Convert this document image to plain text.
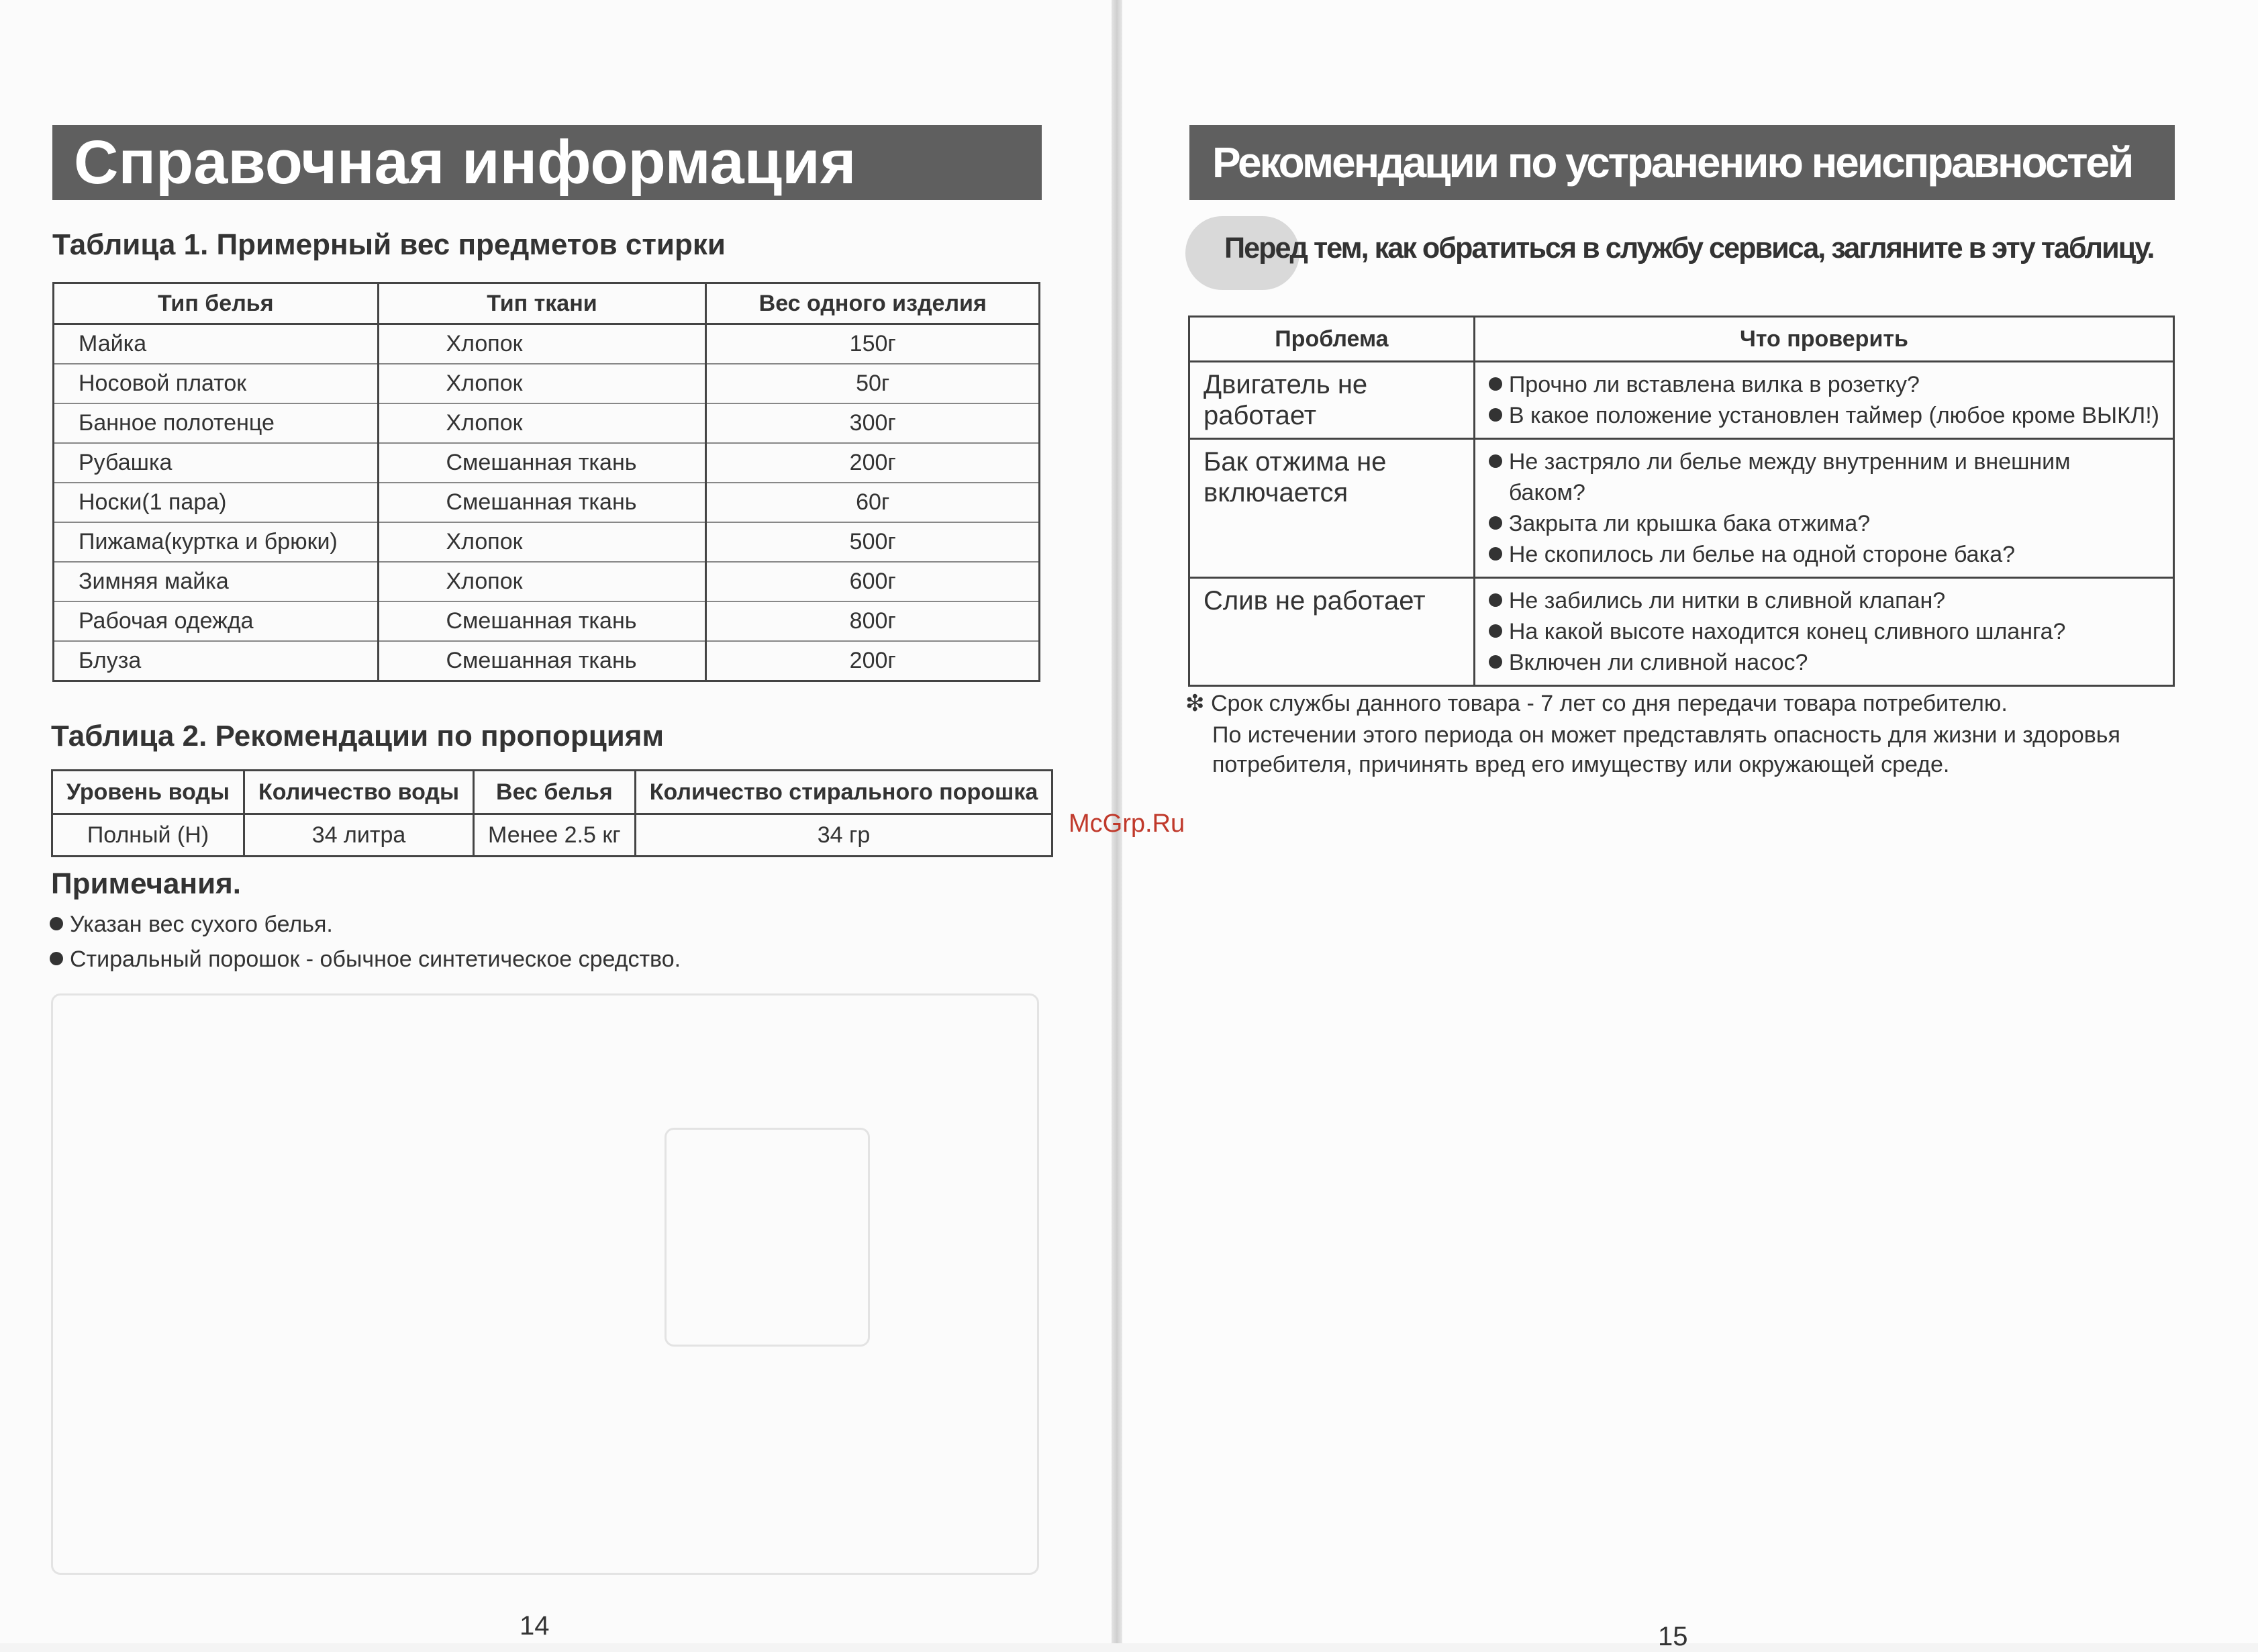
Справочная информация
Таблица 1. Примерный вес предметов стирки
Тип белья	Тип ткани	Вес одного изделия
Майка	Хлопок	150г
Носовой платок	Хлопок	50г
Банное полотенце	Хлопок	300г
Рубашка	Смешанная ткань	200г
Носки(1 пара)	Смешанная ткань	60г
Пижама(куртка и брюки)	Хлопок	500г
Зимняя майка	Хлопок	600г
Рабочая одежда	Смешанная ткань	800г
Блуза	Смешанная ткань	200г
Таблица 2. Рекомендации по пропорциям
Уровень воды	Количество воды	Вес белья	Количество стирального порошка
Полный (Н)	34 литра	Менее 2.5 кг	34 гр
Примечания.
Указан вес сухого белья.
Стиральный порошок - обычное синтетическое средство.
14
McGrp.Ru
Рекомендации по устранению неисправностей
Перед тем, как обратиться в службу сервиса, загляните в эту таблицу.
Проблема	Что проверить
Двигатель не работает	Прочно ли вставлена вилка в розетку?
В какое положение установлен таймер (любое кроме ВЫКЛ!)

Бак отжима не включается	Не застряло ли белье между внутренним и внешним
баком?
Закрыта ли крышка бака отжима?
Не скопилось ли белье на одной стороне бака?

Слив не работает	Не забились ли нитки в сливной клапан?
На какой высоте находится конец сливного шланга?
Включен ли сливной насос?
❇ Срок службы данного товара - 7 лет со дня передачи товара потребителю.
По истечении этого периода он может представлять опасность для жизни и здоровья
потребителя, причинять вред его имуществу или окружающей среде.
15
